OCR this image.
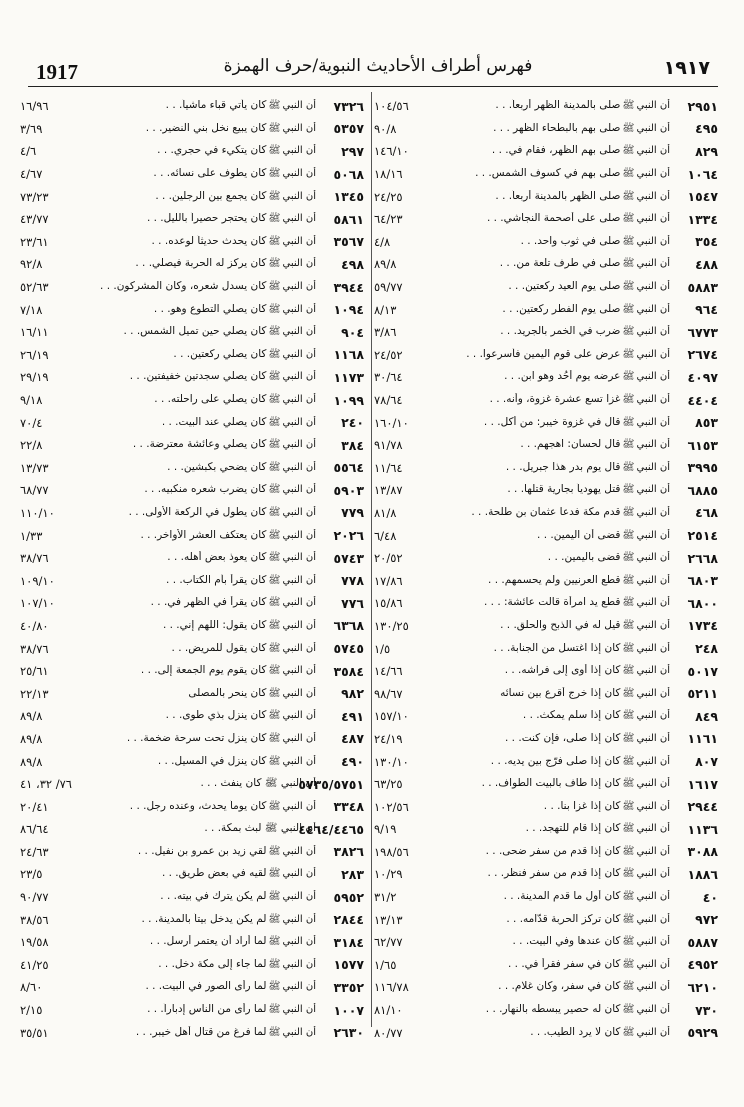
1917	فهرس أطراف الأحاديث النبوية/حرف الهمزة	١٩١٧
٢٩٥١
أن النبيﷺصلى بالمدينة الظهر أربعاً. . .
١٠٤/٥٦
٤٩٥
أن النبيﷺصلى بهم بالبطحاء الظهر . . .
٩٠/٨
٨٢٩
أن النبيﷺصلى بهم الظهر، فقام في. . .
١٤٦/١٠
١٠٦٤
أن النبيﷺصلى بهم في كسوف الشمس. . .
١٨/١٦
١٥٤٧
أن النبيﷺصلى الظهر بالمدينة أربعاً. . .
٢٤/٢٥
١٣٣٤
أن النبيﷺصلى على أصحمة النجاشي. . .
٦٤/٢٣
٣٥٤
أن النبيﷺصلى في ثوب واحد. . .
٤/٨
٤٨٨
أن النبيﷺصلى في طرف تلعة من. . .
٨٩/٨
٥٨٨٣
أن النبيﷺصلى يوم العيد ركعتين. . .
٥٩/٧٧
٩٦٤
أن النبيﷺصلى يوم الفطر ركعتين. . .
٨/١٣
٦٧٧٣
أن النبيﷺضرب في الخمر بالجريد. . .
٣/٨٦
٢٦٧٤
أن النبيﷺعرض على قوم اليمين فأسرعوا. . .
٢٤/٥٢
٤٠٩٧
أن النبيﷺعرضه يوم أحُد وهو ابن. . .
٣٠/٦٤
٤٤٠٤
أن النبيﷺغزا تسع عشرة غزوة، وأنه. . .
٧٨/٦٤
٨٥٣
أن النبيﷺقال في غزوة خيبر: من أكل. . .
١٦٠/١٠
٦١٥٣
أن النبيﷺقال لحسان: اهجهم. . .
٩١/٧٨
٣٩٩٥
أن النبيﷺقال يوم بدر هذا جبريل. . .
١١/٦٤
٦٨٨٥
أن النبيﷺقتل يهودياً بجارية قتلها. . .
١٣/٨٧
٤٦٨
أن النبيﷺقدم مكة فدعا عثمان بن طلحة. . .
٨١/٨
٢٥١٤
أن النبيﷺقضى أن اليمين. . .
٦/٤٨
٢٦٦٨
أن النبيﷺقضى باليمين. . .
٢٠/٥٢
٦٨٠٣
أن النبيﷺقطع العرنيين ولم يحسمهم. . .
١٧/٨٦
٦٨٠٠
أن النبيﷺقطع يد امرأة قالت عائشة: . . .
١٥/٨٦
١٧٣٤
أن النبيﷺقيل له في الذبح والحلق. . .
١٣٠/٢٥
٢٤٨
أن النبيﷺكان إذا اغتسل من الجنابة. . .
١/٥
٥٠١٧
أن النبيﷺكان إذا أوى إلى فراشه. . .
١٤/٦٦
٥٢١١
أن النبيﷺكان إذا خرج أقرع بين نسائه
٩٨/٦٧
٨٤٩
أن النبيﷺكان إذا سلم يمكث. . .
١٥٧/١٠
١١٦١
أن النبيﷺكان إذا صلى، فإن كنت. . .
٢٤/١٩
٨٠٧
أن النبيﷺكان إذا صلى فرّج بين يديه. . .
١٣٠/١٠
١٦١٧
أن النبيﷺكان إذا طاف بالبيت الطواف. . .
٦٣/٢٥
٢٩٤٤
أن النبيﷺكان إذا غزا بنا. . .
١٠٢/٥٦
١١٣٦
أن النبيﷺكان إذا قام للتهجد. . .
٩/١٩
٣٠٨٨
أن النبيﷺكان إذا قدم من سفر ضحى. . .
١٩٨/٥٦
١٨٨٦
أن النبيﷺكان إذا قدم من سفر فنظر. . .
١٠/٢٩
٤٠
أن النبيﷺكان أول ما قدم المدينة. . .
٣١/٢
٩٧٢
أن النبيﷺكان تركز الحربة قدّامه. . .
١٣/١٣
٥٨٨٧
أن النبيﷺكان عندها وفي البيت. . .
٦٢/٧٧
٤٩٥٢
أن النبيﷺكان في سفر فقرأ في. . .
١/٦٥
٦٢١٠
أن النبيﷺكان في سفر، وكان غلام. . .
١١٦/٧٨
٧٣٠
أن النبيﷺكان له حصير يبسطه بالنهار. . .
٨١/١٠
٥٩٢٩
أن النبيﷺكان لا يرد الطيب. . .
٨٠/٧٧
٧٣٢٦
أن النبيﷺكان يأتي قباء ماشياً. . .
١٦/٩٦
٥٣٥٧
أن النبيﷺكان يبيع نخل بني النضير. . .
٣/٦٩
٢٩٧
أن النبيﷺكان يتكيء في حجري. . .
٤/٦
٥٠٦٨
أن النبيﷺكان يطوف على نسائه. . .
٤/٦٧
١٣٤٥
أن النبيﷺكان يجمع بين الرجلين. . .
٧٣/٢٣
٥٨٦١
أن النبيﷺكان يحتجر حصيراً بالليل. . .
٤٣/٧٧
٣٥٦٧
أن النبيﷺكان يحدث حديثاً لوعده. . .
٢٣/٦١
٤٩٨
أن النبيﷺكان يركز له الحربة فيصلي. . .
٩٢/٨
٣٩٤٤
أن النبيﷺكان يسدل شعره، وكان المشركون. . .
٥٢/٦٣
١٠٩٤
أن النبيﷺكان يصلي التطوع وهو. . .
٧/١٨
٩٠٤
أن النبيﷺكان يصلي حين تميل الشمس. . .
١٦/١١
١١٦٨
أن النبيﷺكان يصلي ركعتين. . .
٢٦/١٩
١١٧٣
أن النبيﷺكان يصلي سجدتين خفيفتين. . .
٢٩/١٩
١٠٩٩
أن النبيﷺكان يصلي على راحلته. . .
٩/١٨
٢٤٠
أن النبيﷺكان يصلي عند البيت. . .
٧٠/٤
٣٨٤
أن النبيﷺكان يصلي وعائشة معترضة. . .
٢٢/٨
٥٥٦٤
أن النبيﷺكان يضحي بكبشين. . .
١٣/٧٣
٥٩٠٣
أن النبيﷺكان يضرب شعره منكبيه. . .
٦٨/٧٧
٧٧٩
أن النبيﷺكان يطول في الركعة الأولى. . .
١١٠/١٠
٢٠٢٦
أن النبيﷺكان يعتكف العشر الأواخر. . .
١/٣٣
٥٧٤٣
أن النبيﷺكان يعوذ بعض أهله. . .
٣٨/٧٦
٧٧٨
أن النبيﷺكان يقرأ بأم الكتاب. . .
١٠٩/١٠
٧٧٦
أن النبيﷺكان يقرأ في الظهر في. . .
١٠٧/١٠
٦٣٦٨
أن النبيﷺكان يقول: اللهم إني. . .
٤٠/٨٠
٥٧٤٥
أن النبيﷺكان يقول للمريض. . .
٣٨/٧٦
٣٥٨٤
أن النبيﷺكان يقوم يوم الجمعة إلى. . .
٢٥/٦١
٩٨٢
أن النبيﷺكان ينحر بالمصلى
٢٢/١٣
٤٩١
أن النبيﷺكان ينزل بذي طوى. . .
٨٩/٨
٤٨٧
أن النبيﷺكان ينزل تحت سرحة ضخمة. . .
٨٩/٨
٤٩٠
أن النبيﷺكان ينزل في المسيل. . .
٨٩/٨
٥٧٣٥/٥٧٥١
أن النبي ﷺ كان ينفث . . .
٧٦/ ٣٢، ٤١
٣٣٤٨
أن النبيﷺكان يوماً يحدث، وعنده رجل. . .
٢٠/٤١
٤٤٦٤/٤٤٦٥
أن النبي ﷺ لبث بمكة. . .
٨٦/٦٤
٣٨٢٦
أن النبيﷺلقي زيد بن عمرو بن نفيل. . .
٢٤/٦٣
٢٨٣
أن النبيﷺلقيه في بعض طريق. . .
٢٣/٥
٥٩٥٢
أن النبيﷺلم يكن يترك في بيته. . .
٩٠/٧٧
٢٨٤٤
أن النبيﷺلم يكن يدخل بيتاً بالمدينة. . .
٣٨/٥٦
٣١٨٤
أن النبيﷺلما أراد أن يعتمر أرسل. . .
١٩/٥٨
١٥٧٧
أن النبيﷺلما جاء إلى مكة دخل. . .
٤١/٢٥
٣٣٥٢
أن النبيﷺلما رأى الصور في البيت. . .
٨/٦٠
١٠٠٧
أن النبيﷺلما رأى من الناس إدباراً. . .
٢/١٥
٢٦٣٠
أن النبيﷺلما فرغ من قتال أهل خيبر. . .
٣٥/٥١
